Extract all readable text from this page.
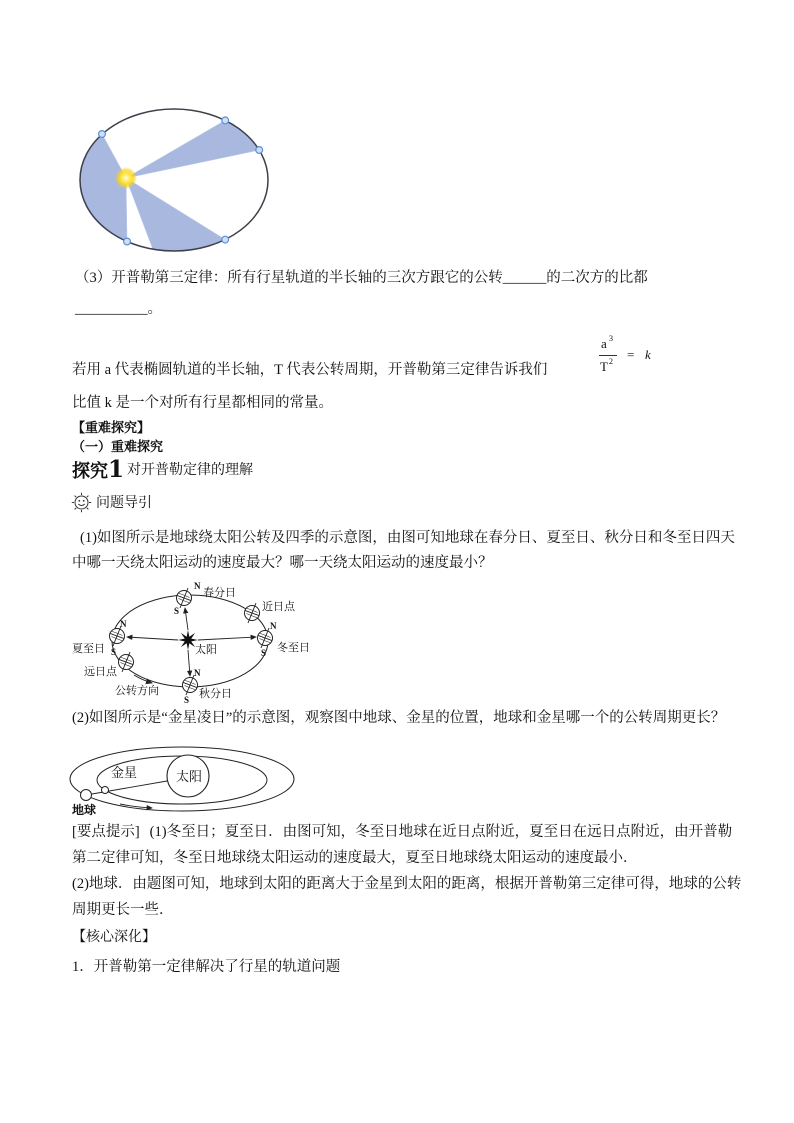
（3）开普勒第三定律：所有行星轨道的半长轴的三次方跟它的公转______的二次方的比都
__________。
a 3
T 2 = k
若用 a 代表椭圆轨道的半长轴，T 代表公转周期，开普勒第三定律告诉我们
比值 k 是一个对所有行星都相同的常量。
【重难探究】
（一）重难探究
探究1 对开普勒定律的理解
问题导引
(1)如图所示是地球绕太阳公转及四季的示意图，由图可知地球在春分日、夏至日、秋分日和冬至日四天
中哪一天绕太阳运动的速度最大？哪一天绕太阳运动的速度最小？
春分日
近日点
冬至日
夏至日
远日点
太阳
公转方向	秋分日
N
S
N
S
N
S
N
S
(2)如图所示是“金星凌日”的示意图，观察图中地球、金星的位置，地球和金星哪一个的公转周期更长？
金星	太阳
地球
[要点提示] (1)冬至日；夏至日．由图可知，冬至日地球在近日点附近，夏至日在远日点附近，由开普勒
第二定律可知，冬至日地球绕太阳运动的速度最大，夏至日地球绕太阳运动的速度最小．
(2)地球．由题图可知，地球到太阳的距离大于金星到太阳的距离，根据开普勒第三定律可得，地球的公转
周期更长一些．
【核心深化】
1．开普勒第一定律解决了行星的轨道问题
